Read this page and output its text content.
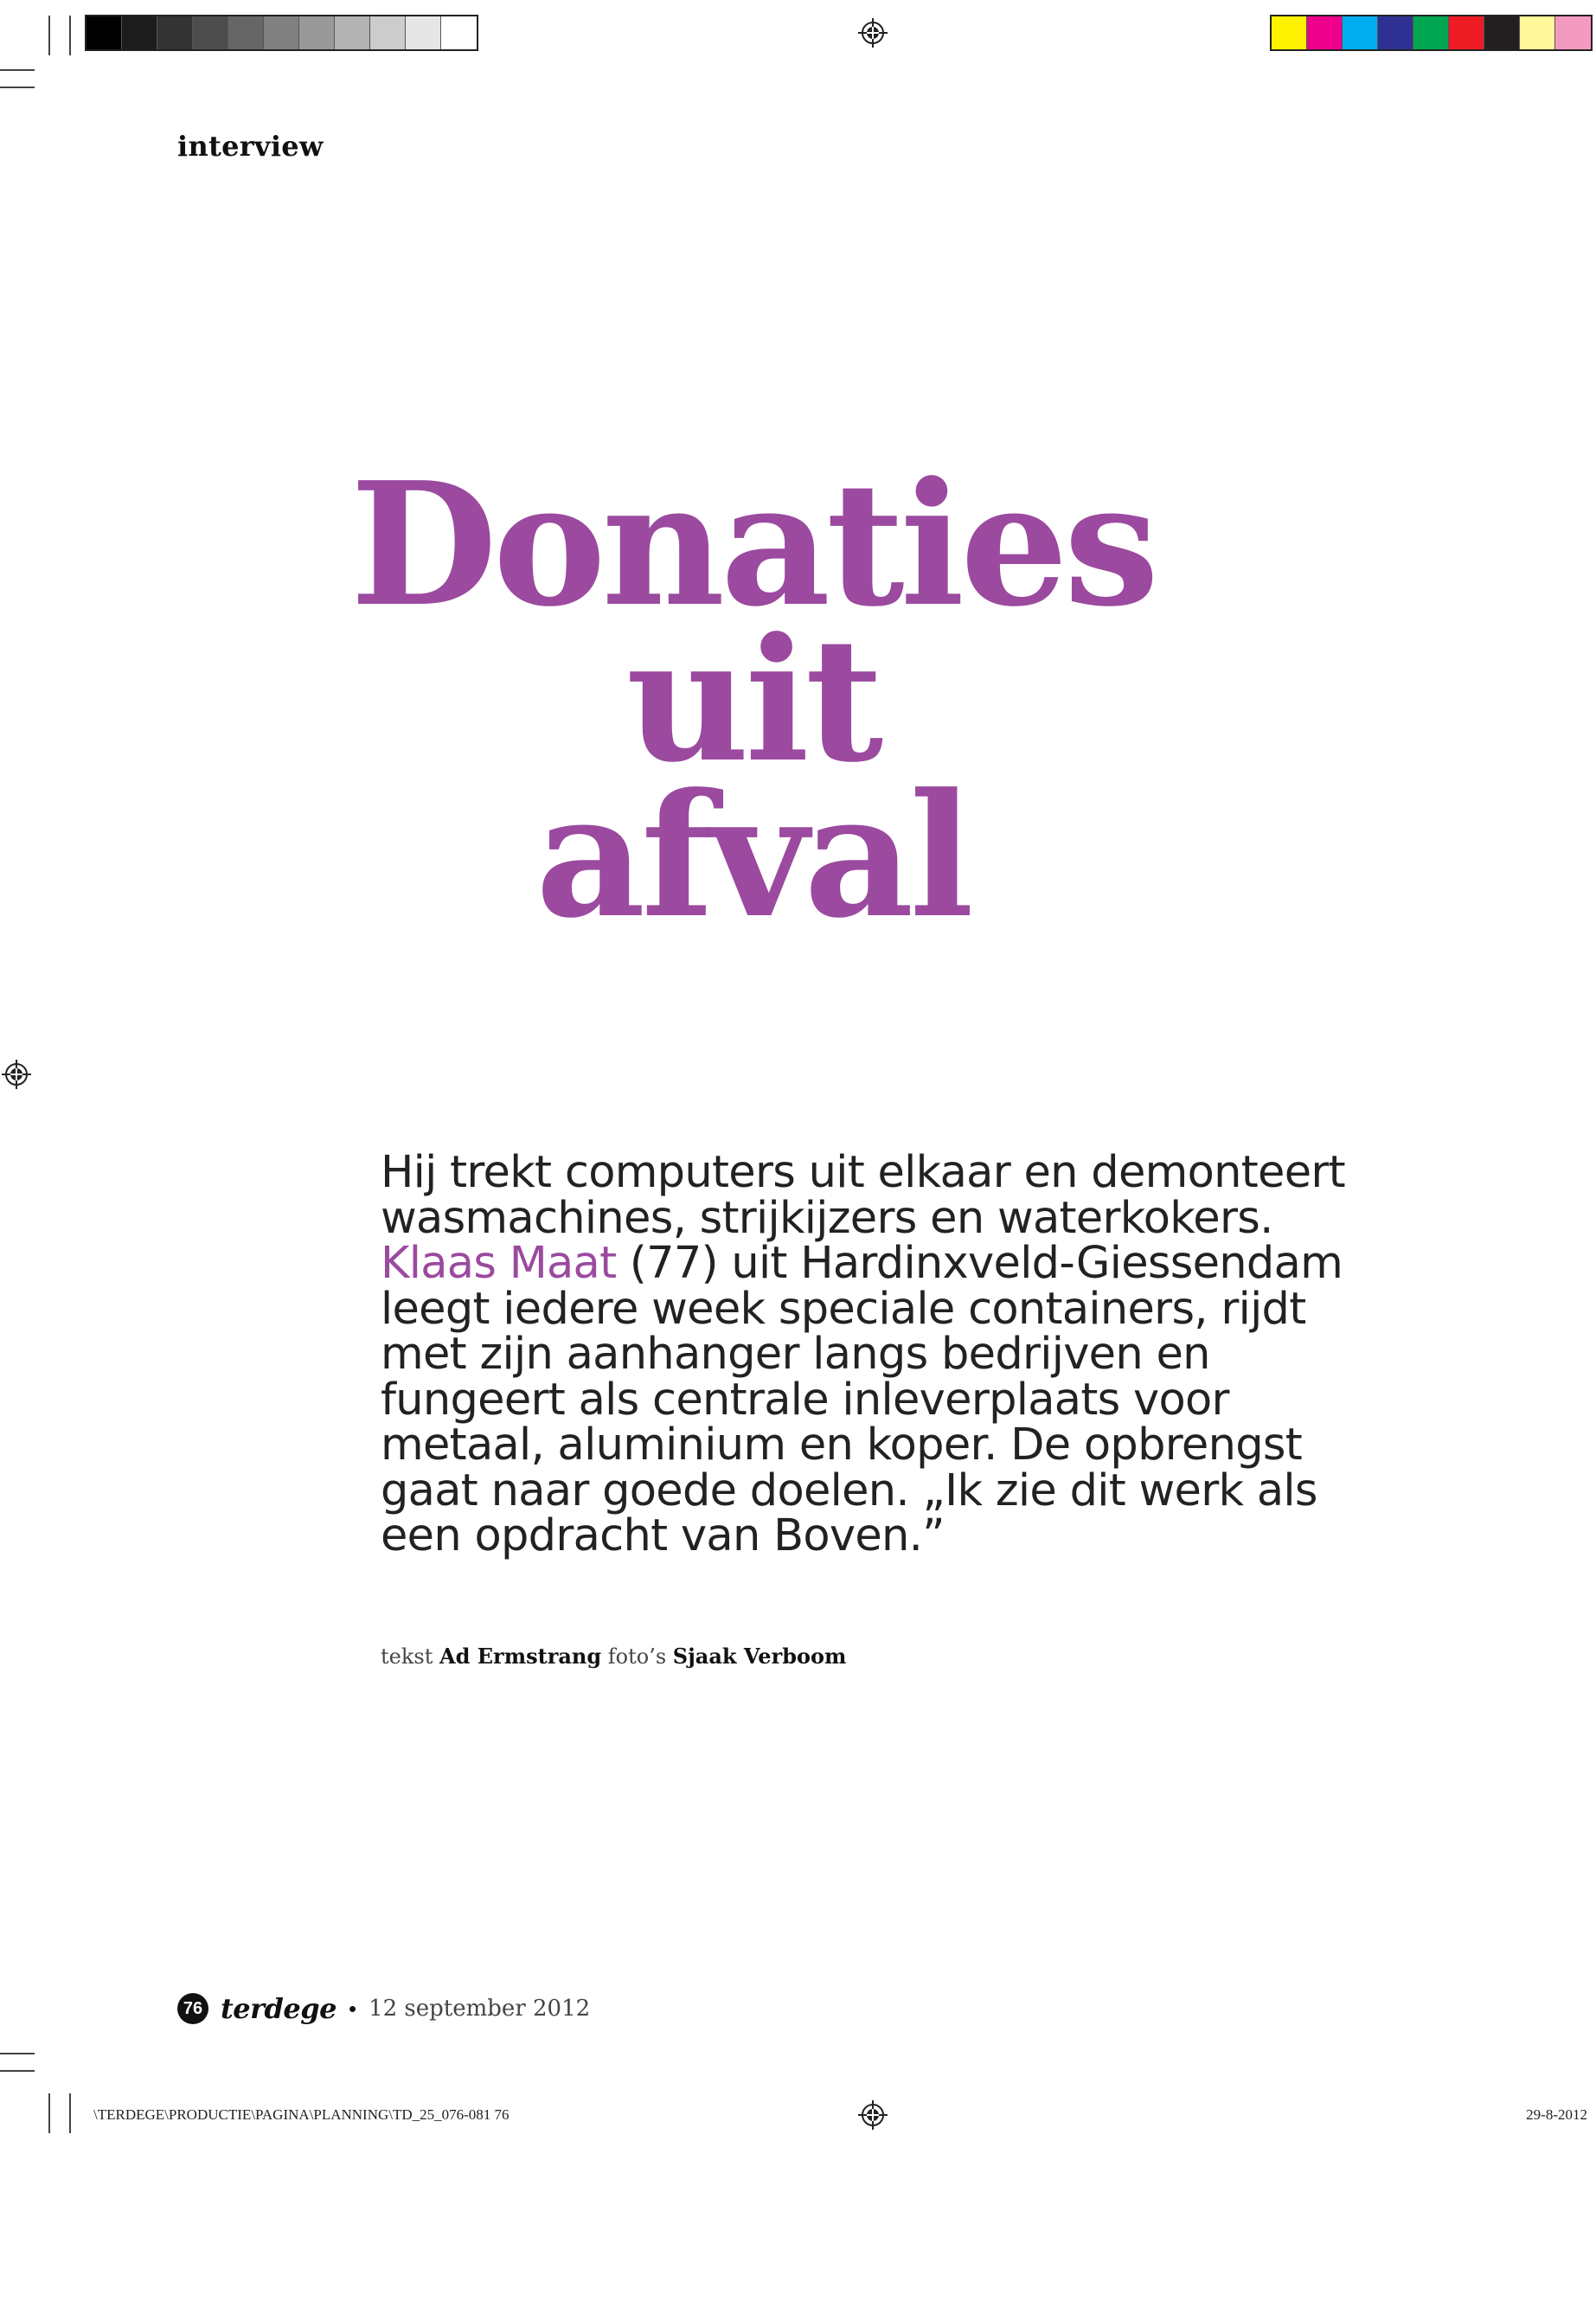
interview
Donaties
uit
afval

Hij trekt computers uit elkaar en demonteert wasmachines, strijkijzers en waterkokers. Klaas Maat (77) uit Hardinxveld-Giessendam leegt iedere week speciale containers, rijdt met zijn aanhanger langs bedrijven en fungeert als centrale inleverplaats voor metaal, aluminium en koper. De opbrengst gaat naar goede doelen. „Ik zie dit werk als een opdracht van Boven.”

tekst Ad Ermstrang foto’s Sjaak Verboom
76 terdege • 12 september 2012
\TERDEGE\PRODUCTIE\PAGINA\PLANNING\TD_25_076-081 76	29-8-2012
